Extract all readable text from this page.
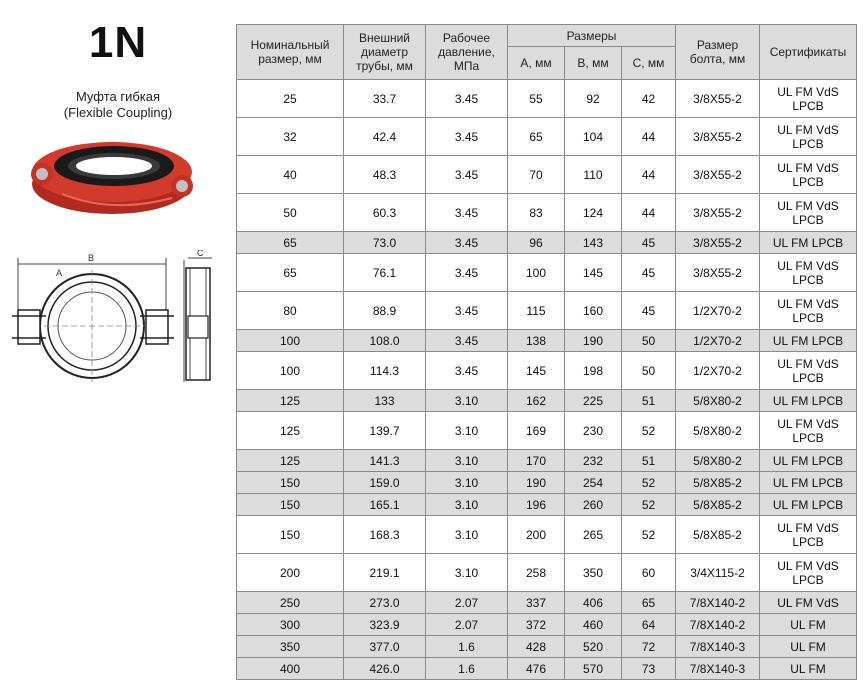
1N
Муфта гибкая
(Flexible Coupling)
B
A
C
Номинальный размер, мм	Внешний диаметр трубы, мм	Рабочее давление, МПа	Размеры			Размер болта, мм	Сертификаты
			А, мм	В, мм	С, мм		
25	33.7	3.45	55	92	42	3/8X55-2	UL FM VdS LPCB
32	42.4	3.45	65	104	44	3/8X55-2	UL FM VdS LPCB
40	48.3	3.45	70	110	44	3/8X55-2	UL FM VdS LPCB
50	60.3	3.45	83	124	44	3/8X55-2	UL FM VdS LPCB
65	73.0	3.45	96	143	45	3/8X55-2	UL FM LPCB
65	76.1	3.45	100	145	45	3/8X55-2	UL FM VdS LPCB
80	88.9	3.45	115	160	45	1/2X70-2	UL FM VdS LPCB
100	108.0	3.45	138	190	50	1/2X70-2	UL FM LPCB
100	114.3	3.45	145	198	50	1/2X70-2	UL FM VdS LPCB
125	133	3.10	162	225	51	5/8X80-2	UL FM LPCB
125	139.7	3.10	169	230	52	5/8X80-2	UL FM VdS LPCB
125	141.3	3.10	170	232	51	5/8X80-2	UL FM LPCB
150	159.0	3.10	190	254	52	5/8X85-2	UL FM LPCB
150	165.1	3.10	196	260	52	5/8X85-2	UL FM LPCB
150	168.3	3.10	200	265	52	5/8X85-2	UL FM VdS LPCB
200	219.1	3.10	258	350	60	3/4X115-2	UL FM VdS LPCB
250	273.0	2.07	337	406	65	7/8X140-2	UL FM VdS
300	323.9	2.07	372	460	64	7/8X140-2	UL FM
350	377.0	1.6	428	520	72	7/8X140-3	UL FM
400	426.0	1.6	476	570	73	7/8X140-3	UL FM
